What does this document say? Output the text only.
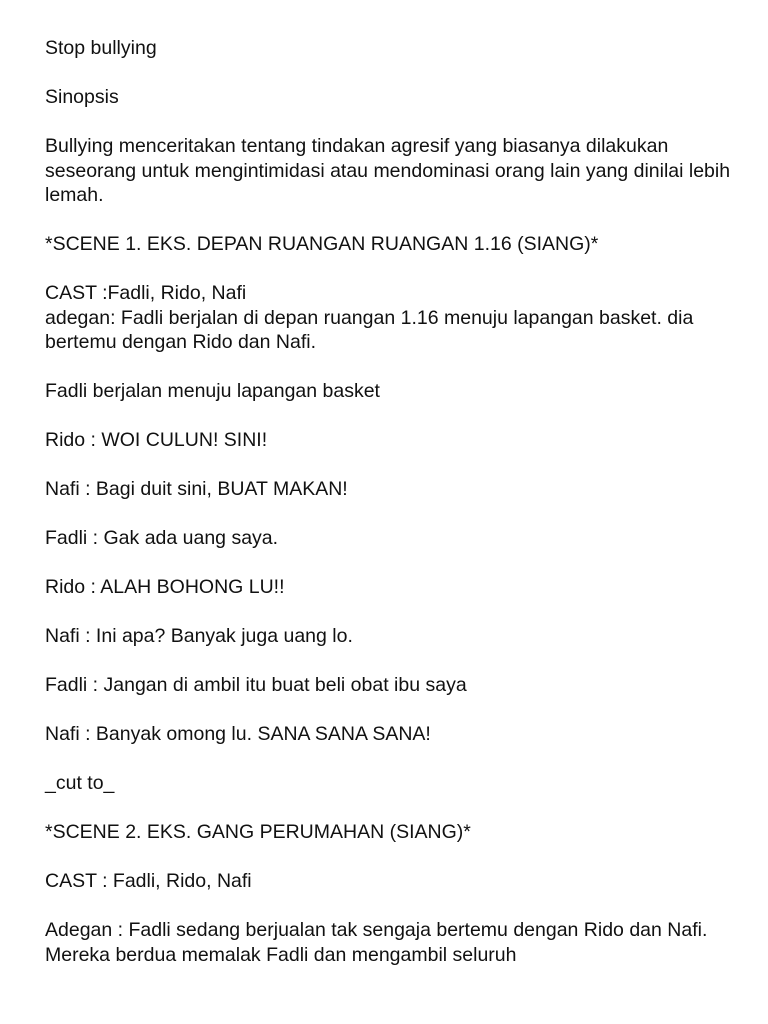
Stop bullying

Sinopsis

Bullying menceritakan tentang tindakan agresif yang biasanya dilakukan seseorang untuk mengintimidasi atau mendominasi orang lain yang dinilai lebih lemah.

*SCENE 1. EKS. DEPAN RUANGAN RUANGAN 1.16 (SIANG)*

CAST :Fadli, Rido, Nafi

adegan: Fadli berjalan di depan ruangan 1.16 menuju lapangan basket. dia bertemu dengan Rido dan Nafi.

Fadli berjalan menuju lapangan basket

Rido : WOI CULUN! SINI!

Nafi : Bagi duit sini, BUAT MAKAN!

Fadli : Gak ada uang saya.

Rido : ALAH BOHONG LU!!

Nafi : Ini apa? Banyak juga uang lo.

Fadli : Jangan di ambil itu buat beli obat ibu saya

Nafi : Banyak omong lu. SANA SANA SANA!

_cut to_

*SCENE 2. EKS. GANG PERUMAHAN (SIANG)*

CAST : Fadli, Rido, Nafi

Adegan : Fadli sedang berjualan tak sengaja bertemu dengan Rido dan Nafi. Mereka berdua memalak Fadli dan mengambil seluruh
